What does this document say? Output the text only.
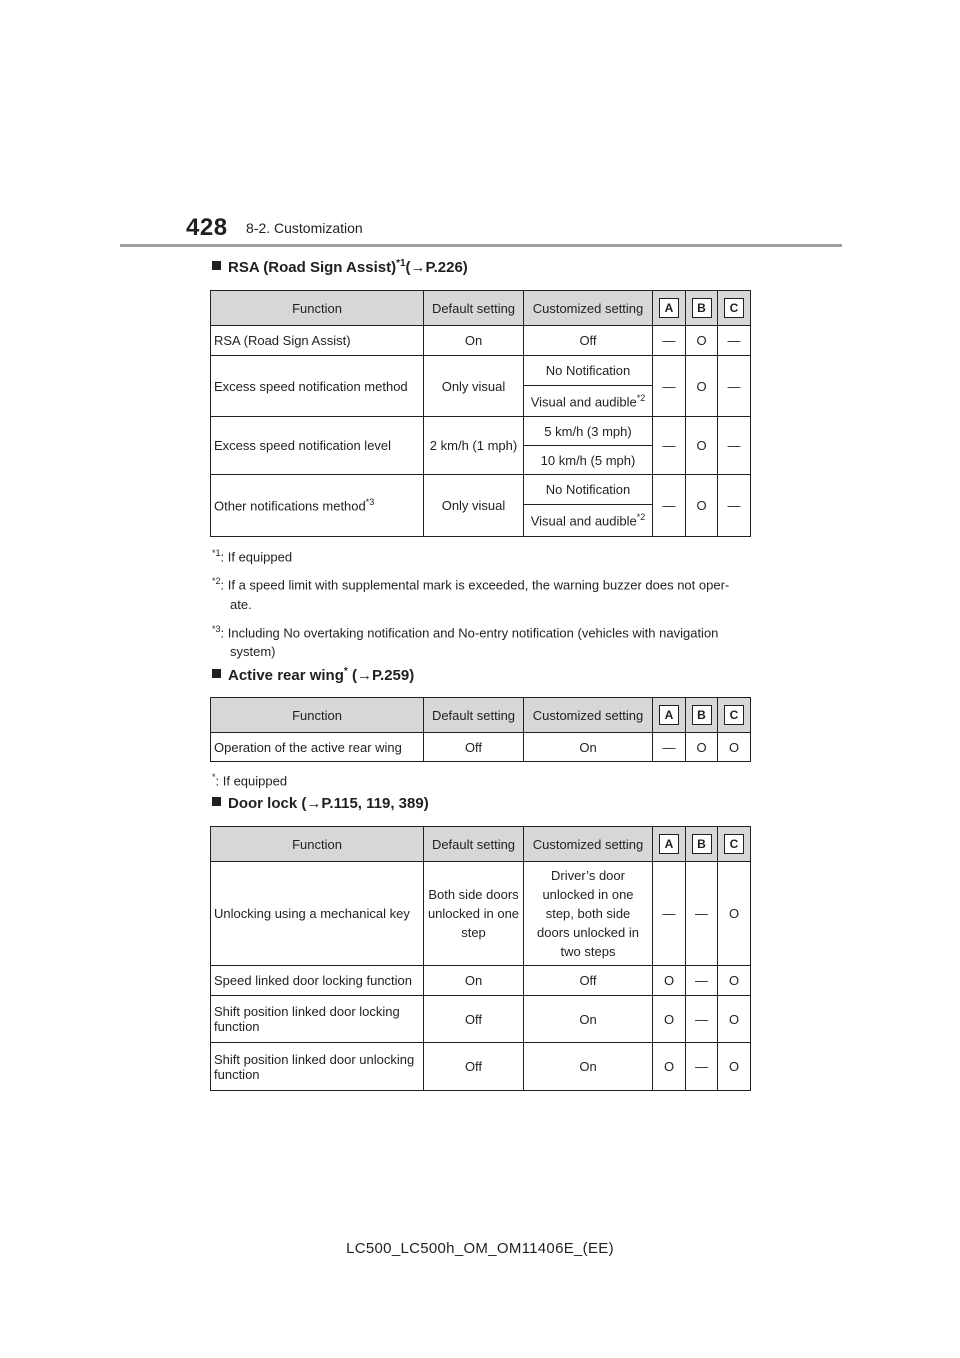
428 8-2. Customization
RSA (Road Sign Assist)$^{*1}$(→P.226)
Function	Default setting	Customized setting	A	B	C
RSA (Road Sign Assist)	On	Off	—	O	—
Excess speed notification method	Only visual	No Notification	—	O	—
		Visual and audible$^{*2}$
Excess speed notification level	2 km/h (1 mph)	5 km/h (3 mph)	—	O	—
		10 km/h (5 mph)			
Other notifications method$^{*3}$	Only visual	No Notification	—	O	—
		Visual and audible$^{*2}$
$^{*1}$: If equipped
$^{*2}$: If a speed limit with supplemental mark is exceeded, the warning buzzer does not oper-
ate.
$^{*3}$: Including No overtaking notification and No-entry notification (vehicles with navigation
system)
Active rear wing* (→P.259)
Function	Default setting	Customized setting	A	B	C
Operation of the active rear wing	Off	On	—	O	O
*: If equipped
Door lock (→P.115, 119, 389)
Function	Default setting	Customized setting	A	B	C
Unlocking using a mechanical key	Both side doors unlocked in one step	Driver’s door unlocked in one step, both side doors unlocked in two steps	—	—	O
Speed linked door locking function	On	Off	O	—	O
Shift position linked door locking function	Off	On	O	—	O
Shift position linked door unlocking function	Off	On	O	—	O
LC500_LC500h_OM_OM11406E_(EE)
